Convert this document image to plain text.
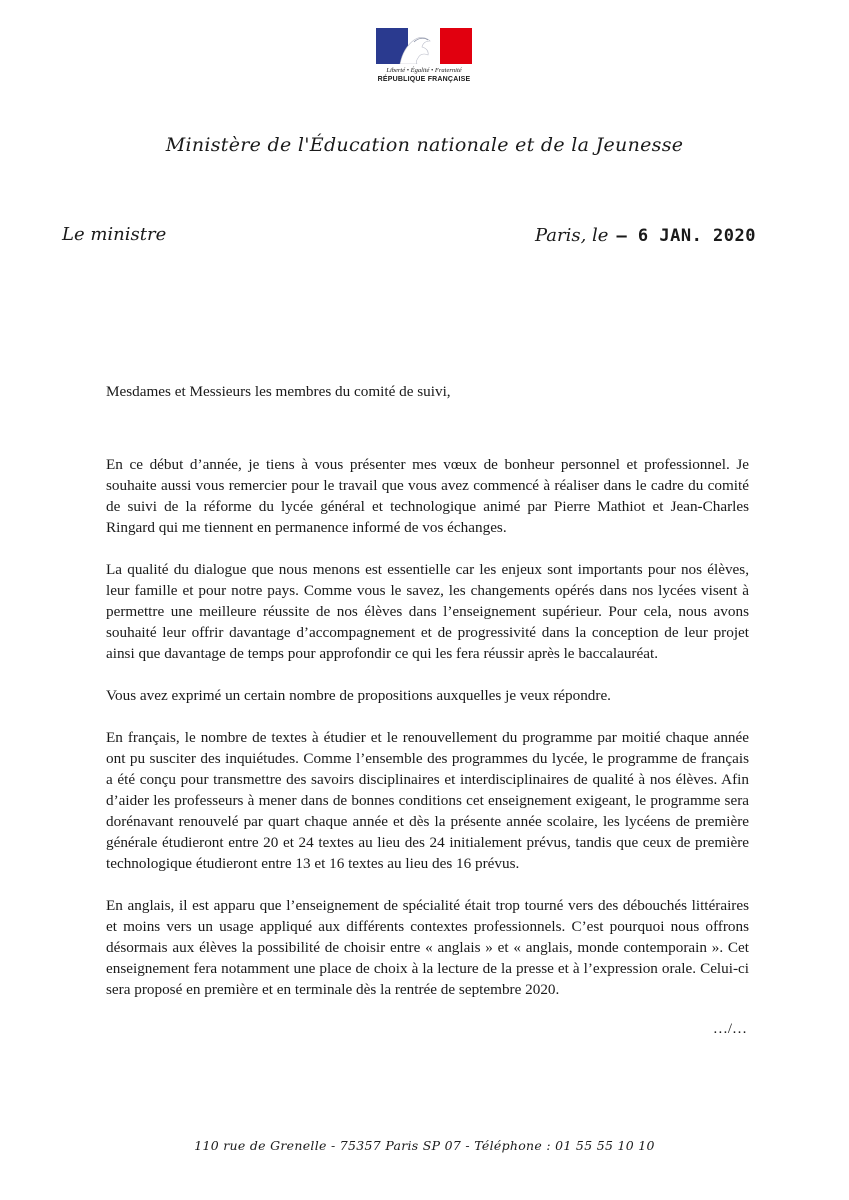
Liberté • Égalité • Fraternité
RÉPUBLIQUE FRANÇAISE
Ministère de l'Éducation nationale et de la Jeunesse
Le ministre	Paris, le – 6 JAN. 2020
Mesdames et Messieurs les membres du comité de suivi,

En ce début d’année, je tiens à vous présenter mes vœux de bonheur personnel et professionnel. Je souhaite aussi vous remercier pour le travail que vous avez commencé à réaliser dans le cadre du comité de suivi de la réforme du lycée général et technologique animé par Pierre Mathiot et Jean-Charles Ringard qui me tiennent en permanence informé de vos échanges.

La qualité du dialogue que nous menons est essentielle car les enjeux sont importants pour nos élèves, leur famille et pour notre pays. Comme vous le savez, les changements opérés dans nos lycées visent à permettre une meilleure réussite de nos élèves dans l’enseignement supérieur. Pour cela, nous avons souhaité leur offrir davantage d’accompagnement et de progressivité dans la conception de leur projet ainsi que davantage de temps pour approfondir ce qui les fera réussir après le baccalauréat.

Vous avez exprimé un certain nombre de propositions auxquelles je veux répondre.

En français, le nombre de textes à étudier et le renouvellement du programme par moitié chaque année ont pu susciter des inquiétudes. Comme l’ensemble des programmes du lycée, le programme de français a été conçu pour transmettre des savoirs disciplinaires et interdisciplinaires de qualité à nos élèves. Afin d’aider les professeurs à mener dans de bonnes conditions cet enseignement exigeant, le programme sera dorénavant renouvelé par quart chaque année et dès la présente année scolaire, les lycéens de première générale étudieront entre 20 et 24 textes au lieu des 24 initialement prévus, tandis que ceux de première technologique étudieront entre 13 et 16 textes au lieu des 16 prévus.

En anglais, il est apparu que l’enseignement de spécialité était trop tourné vers des débouchés littéraires et moins vers un usage appliqué aux différents contextes professionnels. C’est pourquoi nous offrons désormais aux élèves la possibilité de choisir entre « anglais » et « anglais, monde contemporain ». Cet enseignement fera notamment une place de choix à la lecture de la presse et à l’expression orale. Celui-ci sera proposé en première et en terminale dès la rentrée de septembre 2020.

…/…
110 rue de Grenelle - 75357 Paris SP 07 - Téléphone : 01 55 55 10 10
